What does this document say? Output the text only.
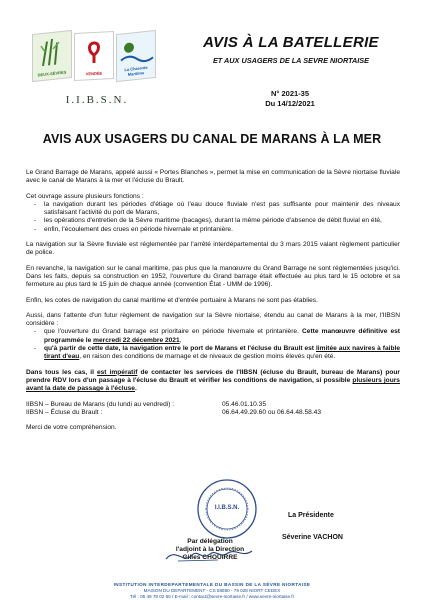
DEUX-SÈVRES	VENDÉE
La Charente Maritime
I.I.B.S.N.
AVIS À LA BATELLERIE
ET AUX USAGERS DE LA SEVRE NIORTAISE
N° 2021-35
Du 14/12/2021
AVIS AUX USAGERS DU CANAL DE MARANS À LA MER

Le Grand Barrage de Marans, appelé aussi « Portes Blanches », permet la mise en communication de la Sèvre niortaise fluviale avec le canal de Marans à la mer et l'écluse du Brault.

Cet ouvrage assure plusieurs fonctions :

- la navigation durant les périodes d'étiage où l'eau douce fluviale n'est pas suffisante pour maintenir des niveaux satisfaisant l'activité du port de Marans,
- les opérations d'entretien de la Sèvre maritime (bacages), durant la même période d'absence de débit fluvial en été,
- enfin, l'écoulement des crues en période hivernale et printanière.

La navigation sur la Sèvre fluviale est réglementée par l'arrêté interdépartemental du 3 mars 2015 valant règlement particulier de police.

En revanche, la navigation sur le canal maritime, pas plus que la manœuvre du Grand Barrage ne sont réglementées jusqu'ici. Dans les faits, depuis sa construction en 1952, l'ouverture du Grand barrage était effectuée au plus tard le 15 octobre et sa fermeture au plus tard le 15 juin de chaque année (convention État - UMM de 1996).

Enfin, les cotes de navigation du canal maritime et d'entrée portuaire à Marans ne sont pas établies.

Aussi, dans l'attente d'un futur règlement de navigation sur la Sèvre niortaise, étendu au canal de Marans à la mer, l'IIBSN considère :

- que l'ouverture du Grand barrage est prioritaire en période hivernale et printanière. Cette manœuvre définitive est programmée le mercredi 22 décembre 2021,
- qu'à partir de cette date, la navigation entre le port de Marans et l'écluse du Brault est limitée aux navires à faible tirant d'eau, en raison des conditions de marnage et de niveaux de gestion moins élevés qu'en été.

Dans tous les cas, il est impératif de contacter les services de l'IIBSN (écluse du Brault, bureau de Marans) pour prendre RDV lors d'un passage à l'écluse du Brault et vérifier les conditions de navigation, si possible plusieurs jours avant la date de passage à l'écluse.

IIBSN – Bureau de Marans (du lundi au vendredi) :	05.46.01.10.35
IIBSN – Écluse du Brault :	06.64.49.29.60 ou 06.64.48.58.43

Merci de votre compréhension.

I.I.B.S.N.
La Présidente
Séverine VACHON
Par délégation
l'adjoint à la Direction
Gilles CHOUIRRE
INSTITUTION INTERDEPARTEMENTALE DU BASSIN DE LA SÈVRE NIORTAISE
MAISON DU DEPARTEMENT - CS 58880 - 79 028 NIORT CEDEX
Tél : 05 49 78 02 60 / E-mail : contact@sevre-niortaise.fr / www.sevre-niortaise.fr
